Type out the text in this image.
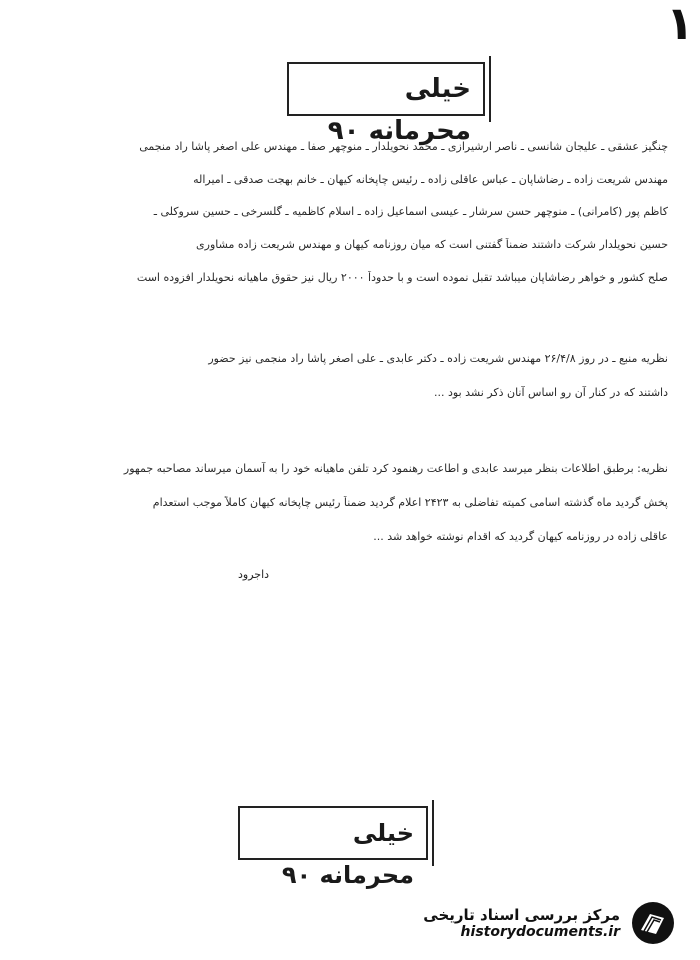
۱
خیلی محرمانه ۹۰
چنگیز عشقی ـ علیجان شانسی ـ ناصر ارشیرازی ـ محمد نحویلدار ـ منوچهر صفا ـ مهندس علی اصغر پاشا راد منجمی
مهندس شریعت زاده ـ رضاشاپان ـ عباس عاقلی زاده ـ رئیس چاپخانه کیهان ـ خانم بهجت صدقی ـ امیراله
کاظم پور (کامرانی) ـ منوچهر حسن سرشار ـ عیسی اسماعیل زاده ـ اسلام کاظمیه ـ گلسرخی ـ حسین سروکلی ـ
حسین نحویلدار شرکت داشتند ضمناً گفتنی است که میان روزنامه کیهان و مهندس شریعت زاده مشاوری
صلح کشور و خواهر رضاشاپان میباشد تقبل نموده است و با حدوداً ۲۰۰۰ ریال نیز حقوق ماهیانه نحویلدار افزوده است
نظریه منبع ـ در روز ۲۶/۴/۸ مهندس شریعت زاده ـ دکتر عابدی ـ علی اصغر پاشا راد منجمی نیز حضور
داشتند که در کنار آن رو اساس آنان ذکر نشد بود ...
نظریه: برطبق اطلاعات بنظر میرسد عابدی و اطاعت رهنمود کرد تلفن ماهیانه خود را به آسمان میرساند مصاحبه جمهور
پخش گردید ماه گذشته اسامی کمیته تفاضلی به ۲۴۲۳ اعلام گردید ضمناً رئیس چاپخانه کیهان کاملاً موجب استعدام
عاقلی زاده در روزنامه کیهان گردید که اقدام نوشته خواهد شد ...
داجرود
خیلی محرمانه ۹۰
مرکز بررسی اسناد تاریخی
historydocuments.ir
